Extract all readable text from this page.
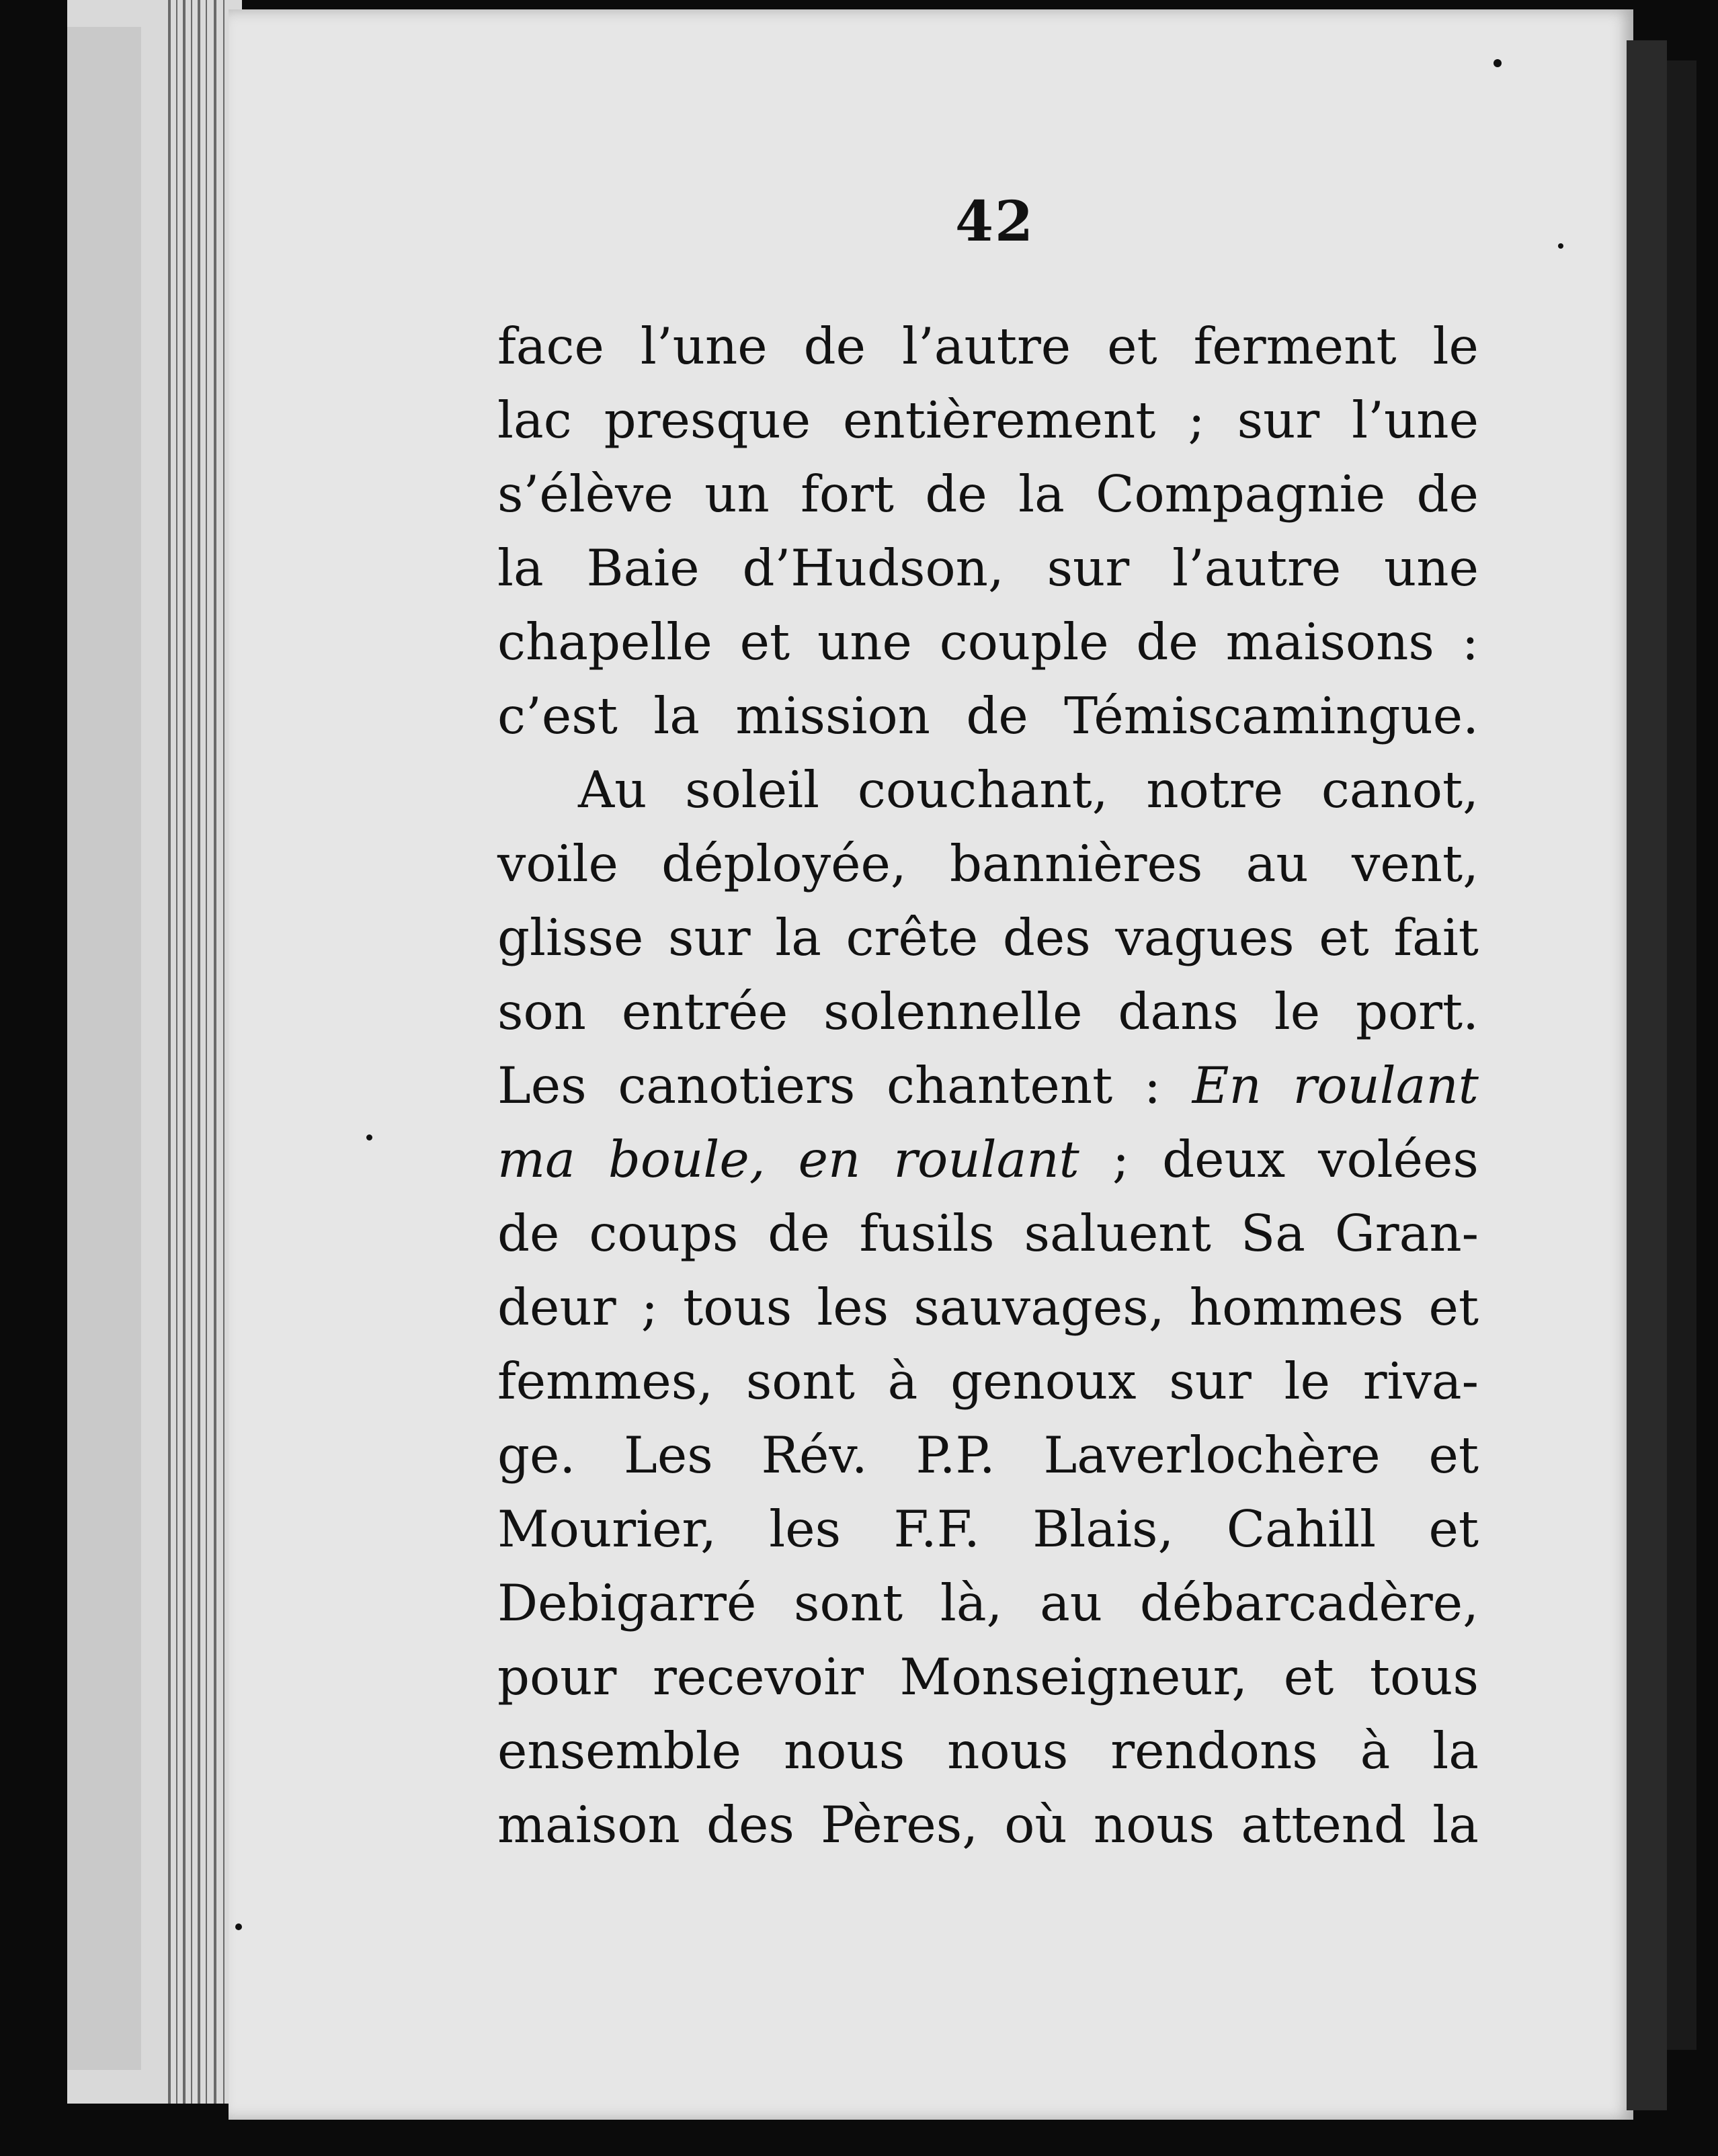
42
face l’une de l’autre et ferment le
lac presque entièrement ; sur l’une
s’élève un fort de la Compagnie de
la Baie d’Hudson, sur l’autre une
chapelle et une couple de maisons :
c’est la mission de Témiscamingue.
Au soleil couchant, notre canot,
voile déployée, bannières au vent,
glisse sur la crête des vagues et fait
son entrée solennelle dans le port.
Les canotiers chantent : En roulant
ma boule, en roulant ; deux volées
de coups de fusils saluent Sa Gran-
deur ; tous les sauvages, hommes et
femmes, sont à genoux sur le riva-
ge. Les Rév. P.P. Laverlochère et
Mourier, les F.F. Blais, Cahill et
Debigarré sont là, au débarcadère,
pour recevoir Monseigneur, et tous
ensemble nous nous rendons à la
maison des Pères, où nous attend la
